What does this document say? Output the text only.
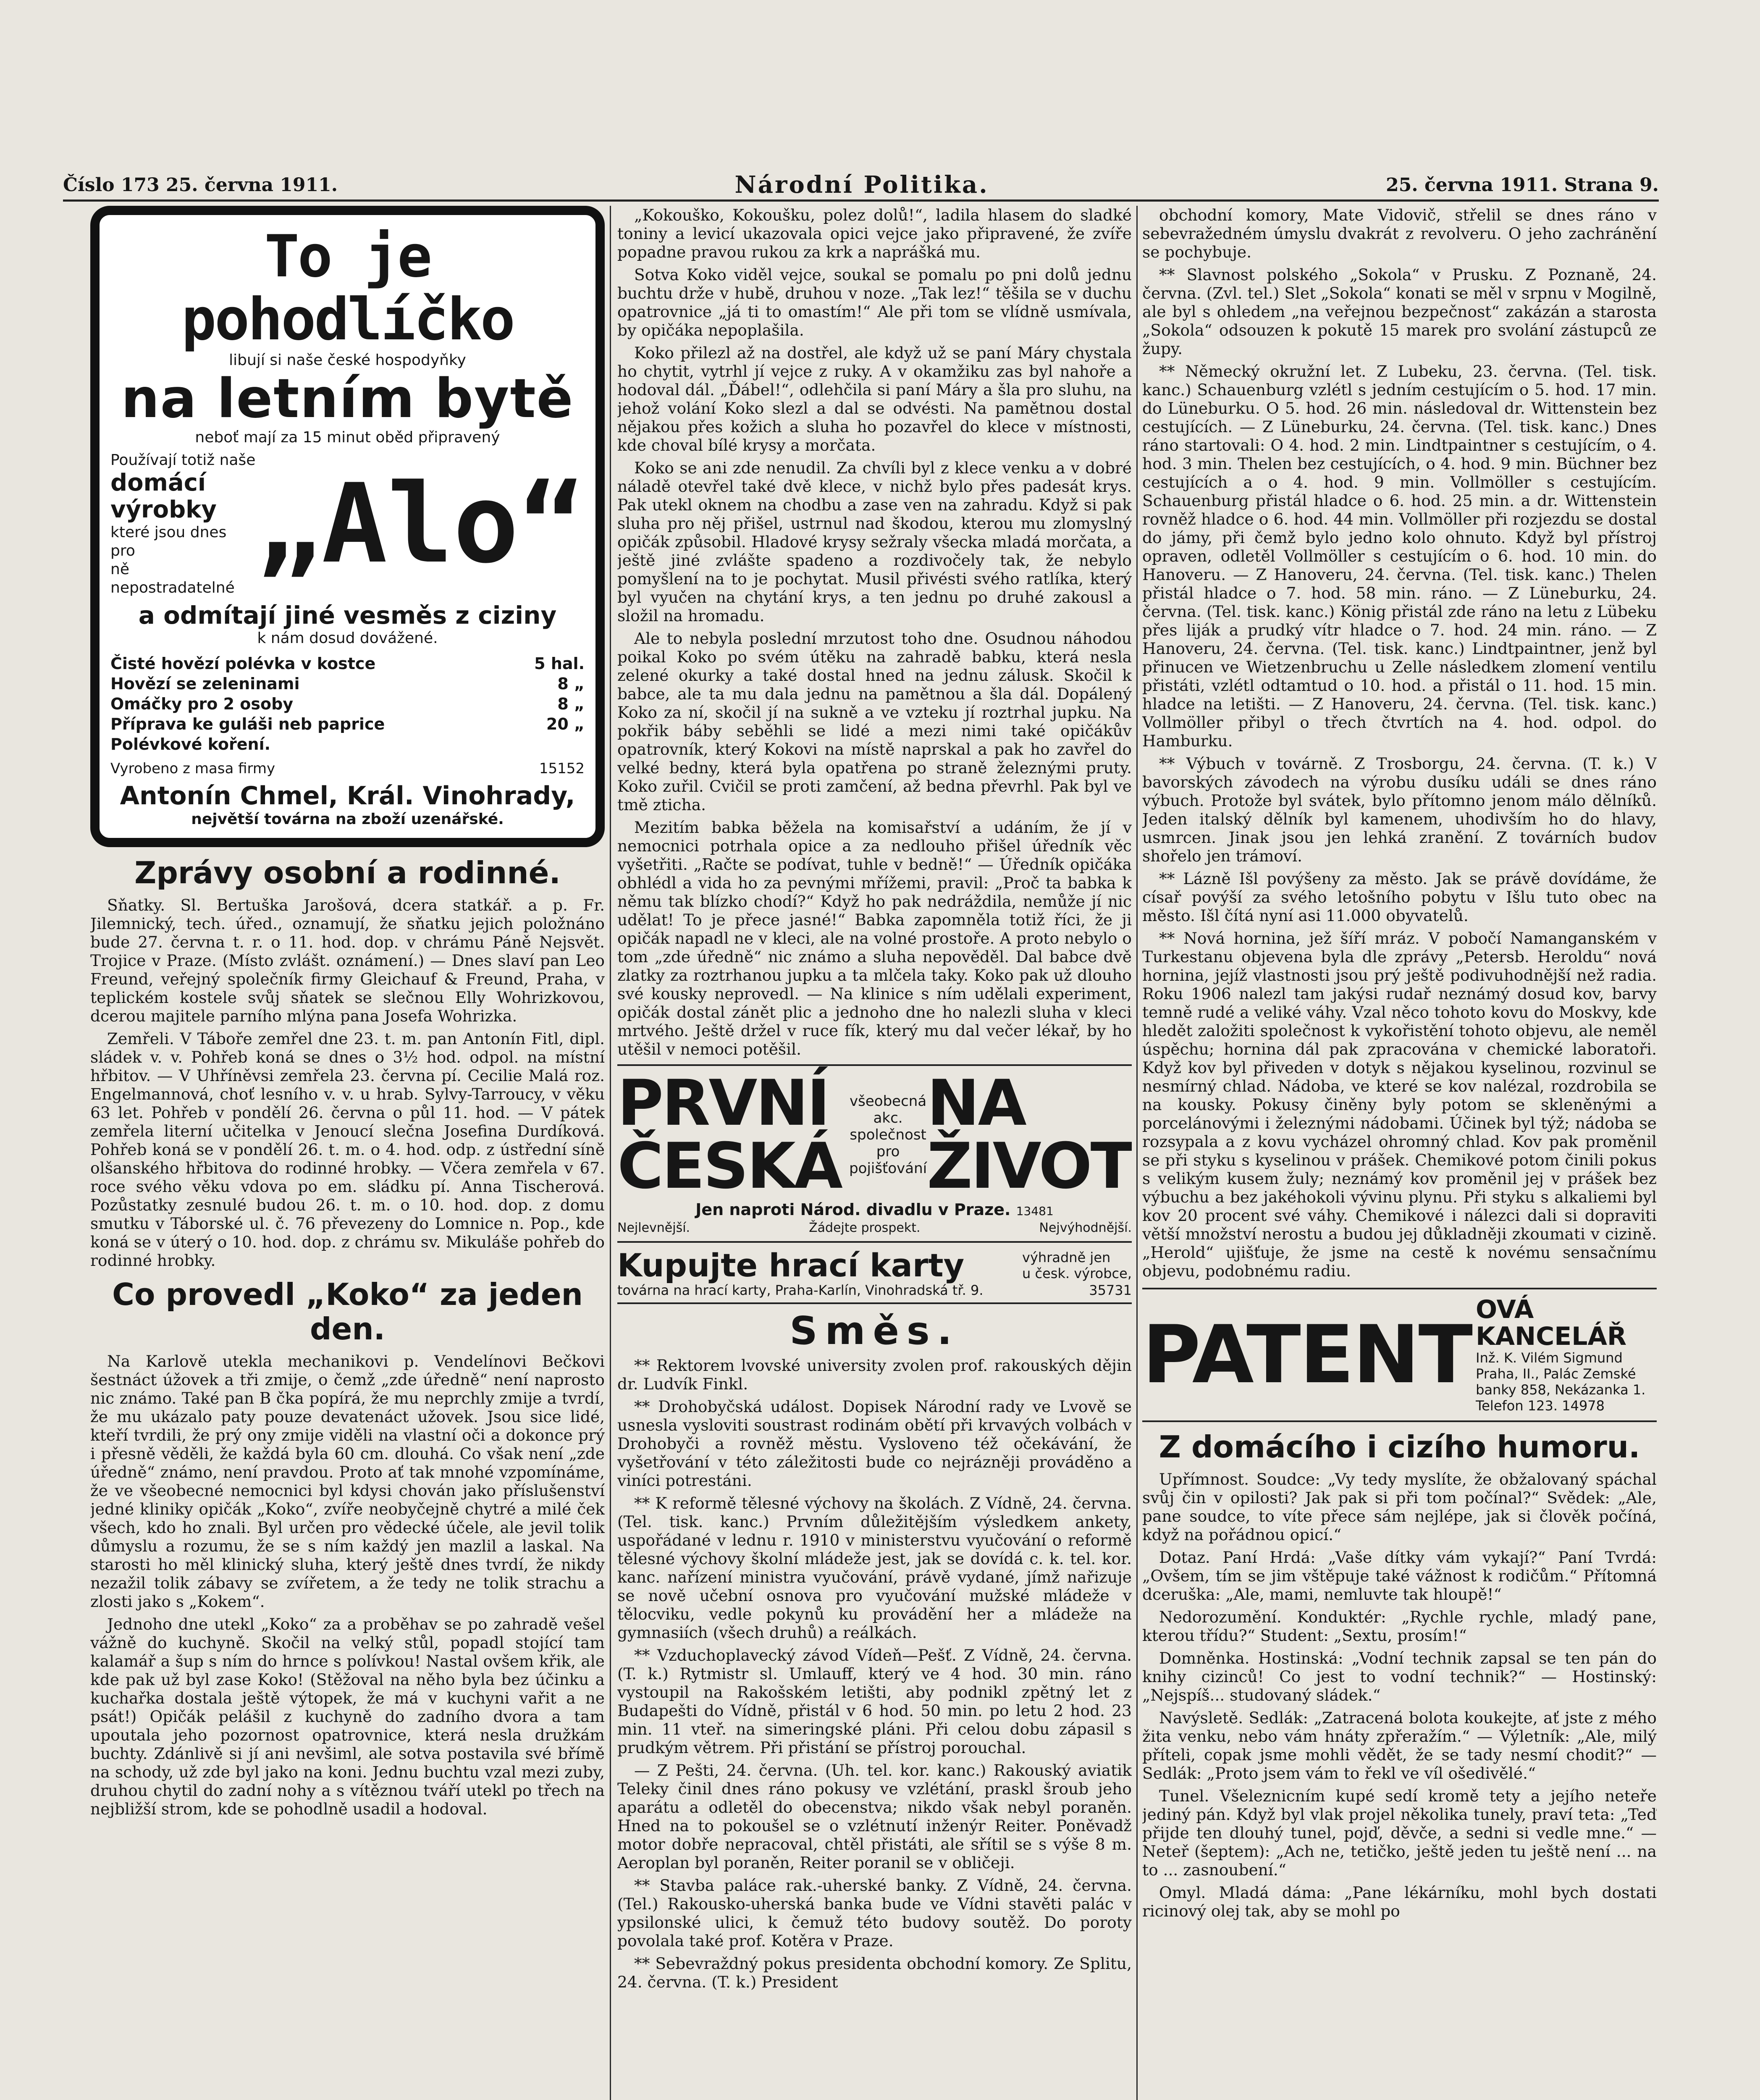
Číslo 173 25. června 1911.	Národní Politika.	25. června 1911. Strana 9.
To je pohodlíčko
libují si naše české hospodyňky
na letním bytě
neboť mají za 15 minut oběd připravený
Používají totiž naše
domácí výrobky
které jsou dnes pro
ně nepostradatelné
„Alo“
a odmítají jiné vesměs z ciziny
k nám dosud dovážené.
Čisté hovězí polévka v kostce	5 hal.
Hovězí se zeleninami	8 „
Omáčky pro 2 osoby	8 „
Příprava ke guláši neb paprice	20 „
Polévkové koření.
Vyrobeno z masa firmy	15152
Antonín Chmel, Král. Vinohrady,
největší továrna na zboží uzenářské.
Zprávy osobní a rodinné.

Sňatky. Sl. Bertuška Jarošová, dcera statkář. a p. Fr. Jilemnický, tech. úřed., oznamují, že sňatku jejich položnáno bude 27. června t. r. o 11. hod. dop. v chrámu Páně Nejsvět. Trojice v Praze. (Místo zvlášt. oznámení.) — Dnes slaví pan Leo Freund, veřejný společník firmy Gleichauf & Freund, Praha, v teplickém kostele svůj sňatek se slečnou Elly Wohrizkovou, dcerou majitele parního mlýna pana Josefa Wohrizka.

Zemřeli. V Táboře zemřel dne 23. t. m. pan Antonín Fitl, dipl. sládek v. v. Pohřeb koná se dnes o 3½ hod. odpol. na místní hřbitov. — V Uhříněvsi zemřela 23. června pí. Cecilie Malá roz. Engelmannová, choť lesního v. v. u hrab. Sylvy-Tarroucy, v věku 63 let. Pohřeb v pondělí 26. června o půl 11. hod. — V pátek zemřela literní učitelka v Jenoucí slečna Josefina Durdíková. Pohřeb koná se v pondělí 26. t. m. o 4. hod. odp. z ústřední síně olšanského hřbitova do rodinné hrobky. — Včera zemřela v 67. roce svého věku vdova po em. sládku pí. Anna Tischerová. Pozůstatky zesnulé budou 26. t. m. o 10. hod. dop. z domu smutku v Táborské ul. č. 76 převezeny do Lomnice n. Pop., kde koná se v úterý o 10. hod. dop. z chrámu sv. Mikuláše pohřeb do rodinné hrobky.

Co provedl „Koko“ za jeden den.

Na Karlově utekla mechanikovi p. Vendelínovi Bečkovi šestnáct úžovek a tři zmije, o čemž „zde úředně“ není naprosto nic známo. Také pan B čka popírá, že mu neprchly zmije a tvrdí, že mu ukázalo paty pouze devatenáct užovek. Jsou sice lidé, kteří tvrdili, že prý ony zmije viděli na vlastní oči a dokonce prý i přesně věděli, že každá byla 60 cm. dlouhá. Co však není „zde úředně“ známo, není pravdou. Proto ať tak mnohé vzpomínáme, že ve všeobecné nemocnici byl kdysi chován jako příslušenství jedné kliniky opičák „Koko“, zvíře neobyčejně chytré a milé ček všech, kdo ho znali. Byl určen pro vědecké účele, ale jevil tolik důmyslu a rozumu, že se s ním každý jen mazlil a laskal. Na starosti ho měl klinický sluha, který ještě dnes tvrdí, že nikdy nezažil tolik zábavy se zvířetem, a že tedy ne tolik strachu a zlosti jako s „Kokem“.

Jednoho dne utekl „Koko“ za a proběhav se po zahradě vešel vážně do kuchyně. Skočil na velký stůl, popadl stojící tam kalamář a šup s ním do hrnce s polívkou! Nastal ovšem křik, ale kde pak už byl zase Koko! (Stěžoval na něho byla bez účinku a kuchařka dostala ještě výtopek, že má v kuchyni vařit a ne psát!) Opičák pelášil z kuchyně do zadního dvora a tam upoutala jeho pozornost opatrovnice, která nesla družkám buchty. Zdánlivě si jí ani nevšiml, ale sotva postavila své břímě na schody, už zde byl jako na koni. Jednu buchtu vzal mezi zuby, druhou chytil do zadní nohy a s vítěznou tváří utekl po třech na nejbližší strom, kde se pohodlně usadil a hodoval.

„Kokouško, Kokoušku, polez dolů!“, ladila hlasem do sladké toniny a levicí ukazovala opici vejce jako připravené, že zvíře popadne pravou rukou za krk a naprášká mu.

Sotva Koko viděl vejce, soukal se pomalu po pni dolů jednu buchtu drže v hubě, druhou v noze. „Tak lez!“ těšila se v duchu opatrovnice „já ti to omastím!“ Ale při tom se vlídně usmívala, by opičáka nepoplašila.

Koko přilezl až na dostřel, ale když už se paní Máry chystala ho chytit, vytrhl jí vejce z ruky. A v okamžiku zas byl nahoře a hodoval dál. „Ďábel!“, odlehčila si paní Máry a šla pro sluhu, na jehož volání Koko slezl a dal se odvésti. Na pamětnou dostal nějakou přes kožich a sluha ho pozavřel do klece v místnosti, kde choval bílé krysy a morčata.

Koko se ani zde nenudil. Za chvíli byl z klece venku a v dobré náladě otevřel také dvě klece, v nichž bylo přes padesát krys. Pak utekl oknem na chodbu a zase ven na zahradu. Když si pak sluha pro něj přišel, ustrnul nad škodou, kterou mu zlomyslný opičák způsobil. Hladové krysy sežraly všecka mladá morčata, a ještě jiné zvlášte spadeno a rozdivočely tak, že nebylo pomyšlení na to je pochytat. Musil přivésti svého ratlíka, který byl vyučen na chytání krys, a ten jednu po druhé zakousl a složil na hromadu.

Ale to nebyla poslední mrzutost toho dne. Osudnou náhodou poikal Koko po svém útěku na zahradě babku, která nesla zelené okurky a také dostal hned na jednu zálusk. Skočil k babce, ale ta mu dala jednu na pamětnou a šla dál. Dopálený Koko za ní, skočil jí na sukně a ve vzteku jí roztrhal jupku. Na pokřik báby seběhli se lidé a mezi nimi také opičákův opatrovník, který Kokovi na místě naprskal a pak ho zavřel do velké bedny, která byla opatřena po straně železnými pruty. Koko zuřil. Cvičil se proti zamčení, až bedna převrhl. Pak byl ve tmě zticha.

Mezitím babka běžela na komisařství a udáním, že jí v nemocnici potrhala opice a za nedlouho přišel úředník věc vyšetřiti. „Račte se podívat, tuhle v bedně!“ — Úředník opičáka obhlédl a vida ho za pevnými mřížemi, pravil: „Proč ta babka k němu tak blízko chodí?“ Když ho pak nedráždila, nemůže jí nic udělat! To je přece jasné!“ Babka zapomněla totiž říci, že ji opičák napadl ne v kleci, ale na volné prostoře. A proto nebylo o tom „zde úředně“ nic známo a sluha nepověděl. Dal babce dvě zlatky za roztrhanou jupku a ta mlčela taky. Koko pak už dlouho své kousky neprovedl. — Na klinice s ním udělali experiment, opičák dostal zánět plic a jednoho dne ho nalezli sluha v kleci mrtvého. Ještě držel v ruce fík, který mu dal večer lékař, by ho utěšil v nemoci potěšil.

PRVNÍ ČESKÁ
všeobecná akc.
společnost
pro
pojišťování
NA ŽIVOT
Jen naproti Národ. divadlu v Praze. 13481
Nejlevnější.	Žádejte prospekt.	Nejvýhodnější.
Kupujte hrací karty	výhradně jen
u česk. výrobce,
továrna na hrací karty, Praha-Karlín, Vinohradská tř. 9.	35731
Směs.

** Rektorem lvovské university zvolen prof. rakouských dějin dr. Ludvík Finkl.

** Drohobyčská událost. Dopisek Národní rady ve Lvově se usnesla vysloviti soustrast rodinám obětí při krvavých volbách v Drohobyči a rovněž městu. Vysloveno též očekávání, že vyšetřování v této záležitosti bude co nejrázněji prováděno a viníci potrestáni.

** K reformě tělesné výchovy na školách. Z Vídně, 24. června. (Tel. tisk. kanc.) Prvním důležitějším výsledkem ankety, uspořádané v lednu r. 1910 v ministerstvu vyučování o reformě tělesné výchovy školní mládeže jest, jak se dovídá c. k. tel. kor. kanc. nařízení ministra vyučování, právě vydané, jímž nařizuje se nově učební osnova pro vyučování mužské mládeže v tělocviku, vedle pokynů ku provádění her a mládeže na gymnasiích (všech druhů) a reálkách.

** Vzduchoplavecký závod Vídeň—Pešť. Z Vídně, 24. června. (T. k.) Rytmistr sl. Umlauff, který ve 4 hod. 30 min. ráno vystoupil na Rakošském letišti, aby podnikl zpětný let z Budapešti do Vídně, přistál v 6 hod. 50 min. po letu 2 hod. 23 min. 11 vteř. na simeringské pláni. Při celou dobu zápasil s prudkým větrem. Při přistání se přístroj porouchal.

— Z Pešti, 24. června. (Uh. tel. kor. kanc.) Rakouský aviatik Teleky činil dnes ráno pokusy ve vzlétání, praskl šroub jeho aparátu a odletěl do obecenstva; nikdo však nebyl poraněn. Hned na to pokoušel se o vzlétnutí inženýr Reiter. Poněvadž motor dobře nepracoval, chtěl přistáti, ale sřítil se s výše 8 m. Aeroplan byl poraněn, Reiter poranil se v obličeji.

** Stavba paláce rak.-uherské banky. Z Vídně, 24. června. (Tel.) Rakousko-uherská banka bude ve Vídni stavěti palác v ypsilonské ulici, k čemuž této budovy soutěž. Do poroty povolala také prof. Kotěra v Praze.

** Sebevraždný pokus presidenta obchodní komory. Ze Splitu, 24. června. (T. k.) President

obchodní komory, Mate Vidovič, střelil se dnes ráno v sebevražedném úmyslu dvakrát z revolveru. O jeho zachránění se pochybuje.

** Slavnost polského „Sokola“ v Prusku. Z Poznaně, 24. června. (Zvl. tel.) Slet „Sokola“ konati se měl v srpnu v Mogilně, ale byl s ohledem „na veřejnou bezpečnost“ zakázán a starosta „Sokola“ odsouzen k pokutě 15 marek pro svolání zástupců ze župy.

** Německý okružní let. Z Lubeku, 23. června. (Tel. tisk. kanc.) Schauenburg vzlétl s jedním cestujícím o 5. hod. 17 min. do Lüneburku. O 5. hod. 26 min. následoval dr. Wittenstein bez cestujících. — Z Lüneburku, 24. června. (Tel. tisk. kanc.) Dnes ráno startovali: O 4. hod. 2 min. Lindtpaintner s cestujícím, o 4. hod. 3 min. Thelen bez cestujících, o 4. hod. 9 min. Büchner bez cestujících a o 4. hod. 9 min. Vollmöller s cestujícím. Schauenburg přistál hladce o 6. hod. 25 min. a dr. Wittenstein rovněž hladce o 6. hod. 44 min. Vollmöller při rozjezdu se dostal do jámy, při čemž bylo jedno kolo ohnuto. Když byl přístroj opraven, odletěl Vollmöller s cestujícím o 6. hod. 10 min. do Hanoveru. — Z Hanoveru, 24. června. (Tel. tisk. kanc.) Thelen přistál hladce o 7. hod. 58 min. ráno. — Z Lüneburku, 24. června. (Tel. tisk. kanc.) König přistál zde ráno na letu z Lübeku přes liják a prudký vítr hladce o 7. hod. 24 min. ráno. — Z Hanoveru, 24. června. (Tel. tisk. kanc.) Lindtpaintner, jenž byl přinucen ve Wietzenbruchu u Zelle následkem zlomení ventilu přistáti, vzlétl odtamtud o 10. hod. a přistál o 11. hod. 15 min. hladce na letišti. — Z Hanoveru, 24. června. (Tel. tisk. kanc.) Vollmöller přibyl o třech čtvrtích na 4. hod. odpol. do Hamburku.

** Výbuch v továrně. Z Trosborgu, 24. června. (T. k.) V bavorských závodech na výrobu dusíku událi se dnes ráno výbuch. Protože byl svátek, bylo přítomno jenom málo dělníků. Jeden italský dělník byl kamenem, uhodivším ho do hlavy, usmrcen. Jinak jsou jen lehká zranění. Z továrních budov shořelo jen trámoví.

** Lázně Išl povýšeny za město. Jak se právě dovídáme, že císař povýší za svého letošního pobytu v Išlu tuto obec na město. Išl čítá nyní asi 11.000 obyvatelů.

** Nová hornina, jež šíří mráz. V pobočí Namanganském v Turkestanu objevena byla dle zprávy „Petersb. Heroldu“ nová hornina, jejíž vlastnosti jsou prý ještě podivuhodnější než radia. Roku 1906 nalezl tam jakýsi rudař neznámý dosud kov, barvy temně rudé a veliké váhy. Vzal něco tohoto kovu do Moskvy, kde hledět založiti společnost k vykořistění tohoto objevu, ale neměl úspěchu; hornina dál pak zpracována v chemické laboratoři. Když kov byl přiveden v dotyk s nějakou kyselinou, rozvinul se nesmírný chlad. Nádoba, ve které se kov nalézal, rozdrobila se na kousky. Pokusy činěny byly potom se skleněnými a porcelánovými i železnými nádobami. Účinek byl týž; nádoba se rozsypala a z kovu vycházel ohromný chlad. Kov pak proměnil se při styku s kyselinou v prášek. Chemikové potom činili pokus s velikým kusem žuly; neznámý kov proměnil jej v prášek bez výbuchu a bez jakéhokoli vývinu plynu. Při styku s alkaliemi byl kov 20 procent své váhy. Chemikové i nálezci dali si dopraviti větší množství nerostu a budou jej důkladněji zkoumati v cizině. „Herold“ ujišťuje, že jsme na cestě k novému sensačnímu objevu, podobnému radiu.

PATENT OVÁ KANCELÁŘ
Inž. K. Vilém Sigmund
Praha, II., Palác Zemské
banky 858, Nekázanka 1.
Telefon 123. 14978
Z domácího i cizího humoru.

Upřímnost. Soudce: „Vy tedy myslíte, že obžalovaný spáchal svůj čin v opilosti? Jak pak si při tom počínal?“ Svědek: „Ale, pane soudce, to víte přece sám nejlépe, jak si člověk počíná, když na pořádnou opicí.“

Dotaz. Paní Hrdá: „Vaše dítky vám vykají?“ Paní Tvrdá: „Ovšem, tím se jim vštěpuje také vážnost k rodičům.“ Přítomná dceruška: „Ale, mami, nemluvte tak hloupě!“

Nedorozumění. Konduktér: „Rychle rychle, mladý pane, kterou třídu?“ Student: „Sextu, prosím!“

Domněnka. Hostinská: „Vodní technik zapsal se ten pán do knihy cizinců! Co jest to vodní technik?“ — Hostinský: „Nejspíš... studovaný sládek.“

Navýsletě. Sedlák: „Zatracená bolota koukejte, ať jste z mého žita venku, nebo vám hnáty zpřeražím.“ — Výletník: „Ale, milý příteli, copak jsme mohli vědět, že se tady nesmí chodit?“ — Sedlák: „Proto jsem vám to řekl ve víl ošedivělé.“

Tunel. Všeleznicním kupé sedí kromě tety a jejího neteře jediný pán. Když byl vlak projel několika tunely, praví teta: „Teď přijde ten dlouhý tunel, pojď, děvče, a sedni si vedle mne.“ — Neteř (šeptem): „Ach ne, tetičko, ještě jeden tu ještě není ... na to ... zasnoubení.“

Omyl. Mladá dáma: „Pane lékárníku, mohl bych dostati ricinový olej tak, aby se mohl po
